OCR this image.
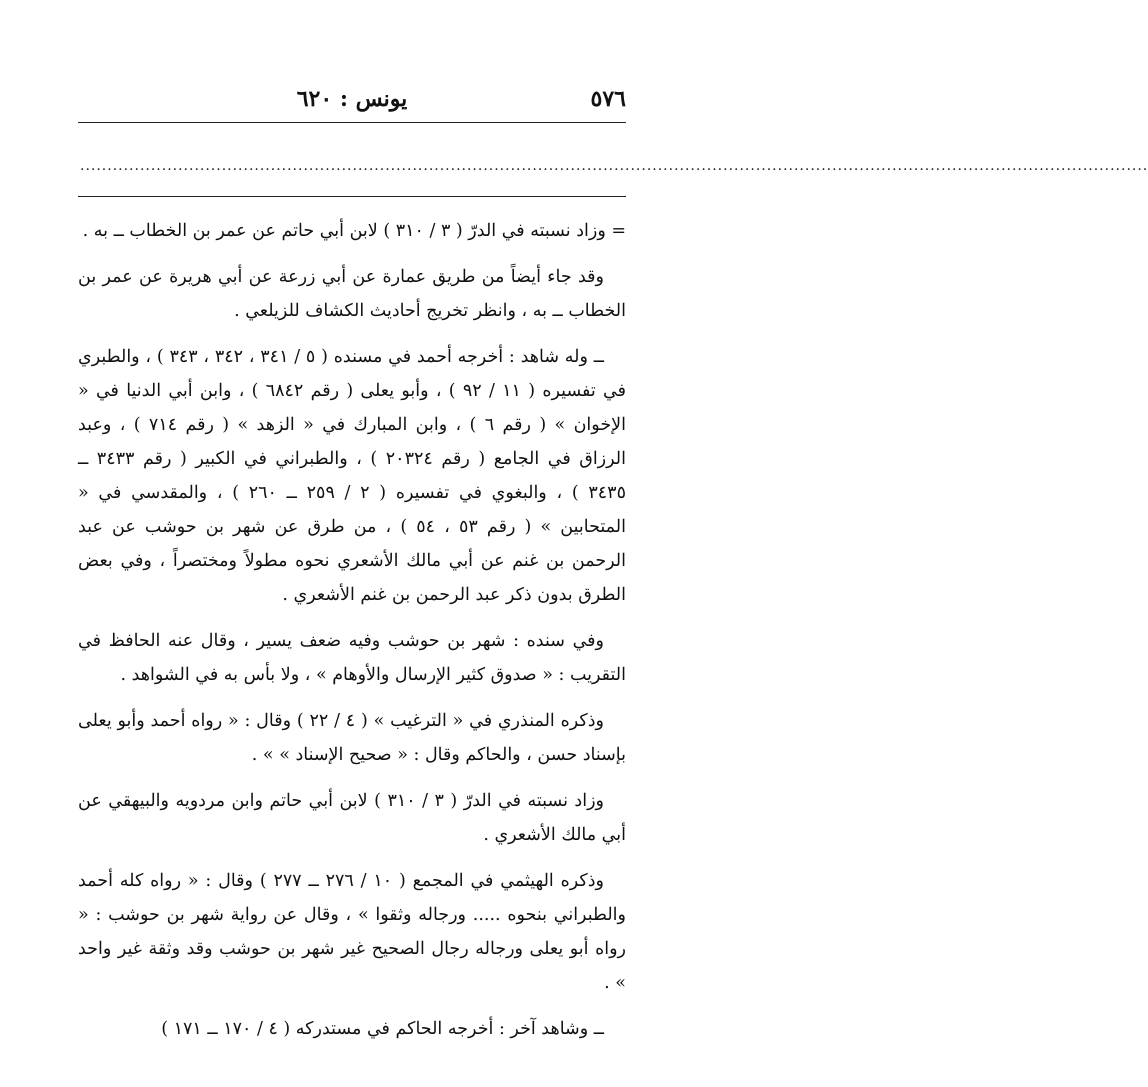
٥٧٦
يونس : ٦٢٠
....................................................................................................................................................................................................

= وزاد نسبته في الدرّ ( ٣ / ٣١٠ ) لابن أبي حاتم عن عمر بن الخطاب ــ به .

وقد جاء أيضاً من طريق عمارة عن أبي زرعة عن أبي هريرة عن عمر بن الخطاب ــ به ، وانظر تخريج أحاديث الكشاف للزيلعي .

ــ وله شاهد : أخرجه أحمد في مسنده ( ٥ / ٣٤١ ، ٣٤٢ ، ٣٤٣ ) ، والطبري في تفسيره ( ١١ / ٩٢ ) ، وأبو يعلى ( رقم ٦٨٤٢ ) ، وابن أبي الدنيا في « الإخوان » ( رقم ٦ ) ، وابن المبارك في « الزهد » ( رقم ٧١٤ ) ، وعبد الرزاق في الجامع ( رقم ٢٠٣٢٤ ) ، والطبراني في الكبير ( رقم ٣٤٣٣ ــ ٣٤٣٥ ) ، والبغوي في تفسيره ( ٢ / ٢٥٩ ــ ٢٦٠ ) ، والمقدسي في « المتحابين » ( رقم ٥٣ ، ٥٤ ) ، من طرق عن شهر بن حوشب عن عبد الرحمن بن غنم عن أبي مالك الأشعري نحوه مطولاً ومختصراً ، وفي بعض الطرق بدون ذكر عبد الرحمن بن غنم الأشعري .

وفي سنده : شهر بن حوشب وفيه ضعف يسير ، وقال عنه الحافظ في التقريب : « صدوق كثير الإرسال والأوهام » ، ولا بأس به في الشواهد .

وذكره المنذري في « الترغيب » ( ٤ / ٢٢ ) وقال : « رواه أحمد وأبو يعلى بإسناد حسن ، والحاكم وقال : « صحيح الإسناد » » .

وزاد نسبته في الدرّ ( ٣ / ٣١٠ ) لابن أبي حاتم وابن مردويه والبيهقي عن أبي مالك الأشعري .

وذكره الهيثمي في المجمع ( ١٠ / ٢٧٦ ــ ٢٧٧ ) وقال : « رواه كله أحمد والطبراني بنحوه ..... ورجاله وثقوا » ، وقال عن رواية شهر بن حوشب : « رواه أبو يعلى ورجاله رجال الصحيح غير شهر بن حوشب وقد وثقة غير واحد » .

ــ وشاهد آخر : أخرجه الحاكم في مستدركه ( ٤ / ١٧٠ ــ ١٧١ )
